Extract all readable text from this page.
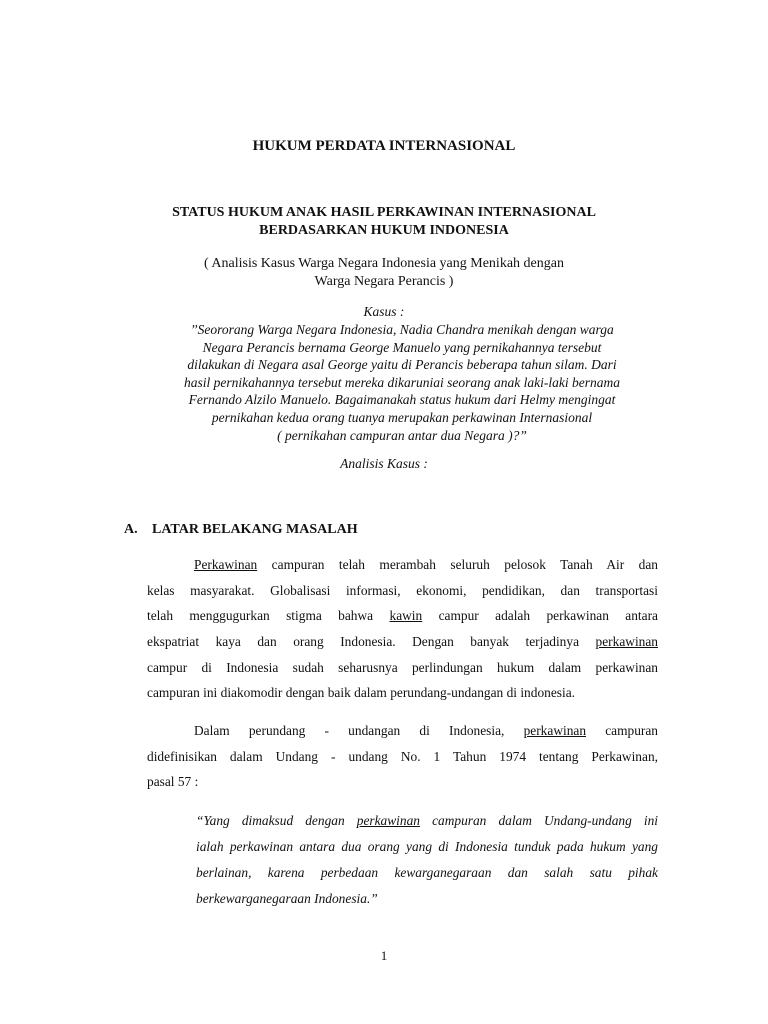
HUKUM PERDATA INTERNASIONAL
STATUS HUKUM ANAK HASIL PERKAWINAN INTERNASIONAL
BERDASARKAN HUKUM INDONESIA
( Analisis Kasus Warga Negara Indonesia yang Menikah dengan
Warga Negara Perancis )
Kasus :
’’Seororang Warga Negara Indonesia, Nadia Chandra menikah dengan warga
Negara Perancis bernama George Manuelo yang pernikahannya tersebut
dilakukan di Negara asal George yaitu di Perancis beberapa tahun silam. Dari
hasil pernikahannya tersebut mereka dikaruniai seorang anak laki-laki bernama
Fernando Alzilo Manuelo. Bagaimanakah status hukum dari Helmy mengingat
pernikahan kedua orang tuanya merupakan perkawinan Internasional
( pernikahan campuran antar dua Negara )?”
Analisis Kasus :
A. LATAR BELAKANG MASALAH
Perkawinan campuran telah merambah seluruh pelosok Tanah Air dan
kelas masyarakat. Globalisasi informasi, ekonomi, pendidikan, dan transportasi
telah menggugurkan stigma bahwa kawin campur adalah perkawinan antara
ekspatriat kaya dan orang Indonesia. Dengan banyak terjadinya perkawinan
campur di Indonesia sudah seharusnya perlindungan hukum dalam perkawinan
campuran ini diakomodir dengan baik dalam perundang-undangan di indonesia.
Dalam perundang - undangan di Indonesia, perkawinan campuran
didefinisikan dalam Undang - undang No. 1 Tahun 1974 tentang Perkawinan,
pasal 57 :
“Yang dimaksud dengan perkawinan campuran dalam Undang-undang ini
ialah perkawinan antara dua orang yang di Indonesia tunduk pada hukum yang
berlainan, karena perbedaan kewarganegaraan dan salah satu pihak
berkewarganegaraan Indonesia.”
1
